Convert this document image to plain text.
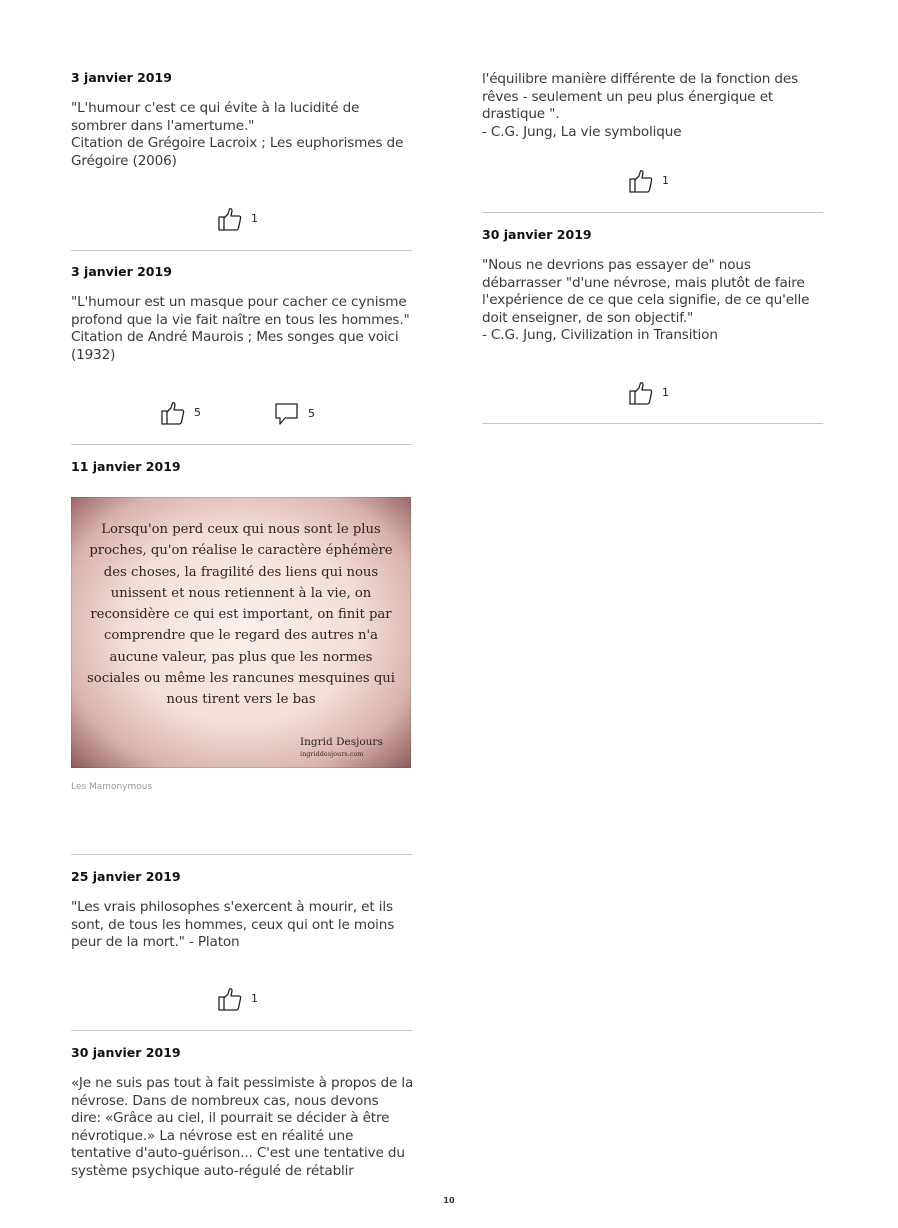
3 janvier 2019

"L'humour c'est ce qui évite à la lucidité de

sombrer dans l'amertume."

Citation de Grégoire Lacroix ; Les euphorismes de

Grégoire (2006)

1
3 janvier 2019

"L'humour est un masque pour cacher ce cynisme

profond que la vie fait naître en tous les hommes."

Citation de André Maurois ; Mes songes que voici

(1932)

5	5
11 janvier 2019

Lorsqu'on perd ceux qui nous sont le plus

proches, qu'on réalise le caractère éphémère

des choses, la fragilité des liens qui nous

unissent et nous retiennent à la vie, on

reconsidère ce qui est important, on finit par

comprendre que le regard des autres n'a

aucune valeur, pas plus que les normes

sociales ou même les rancunes mesquines qui

nous tirent vers le bas

Ingrid Desjours
ingriddesjours.com
Les Mamonymous
25 janvier 2019

"Les vrais philosophes s'exercent à mourir, et ils

sont, de tous les hommes, ceux qui ont le moins

peur de la mort." - Platon

1
30 janvier 2019

«Je ne suis pas tout à fait pessimiste à propos de la

névrose. Dans de nombreux cas, nous devons

dire: «Grâce au ciel, il pourrait se décider à être

névrotique.» La névrose est en réalité une

tentative d'auto-guérison... C'est une tentative du

système psychique auto-régulé de rétablir

l'équilibre manière différente de la fonction des

rêves - seulement un peu plus énergique et

drastique ".

- C.G. Jung, La vie symbolique

1
30 janvier 2019

"Nous ne devrions pas essayer de" nous

débarrasser "d'une névrose, mais plutôt de faire

l'expérience de ce que cela signifie, de ce qu'elle

doit enseigner, de son objectif."

- C.G. Jung, Civilization in Transition

1
10
